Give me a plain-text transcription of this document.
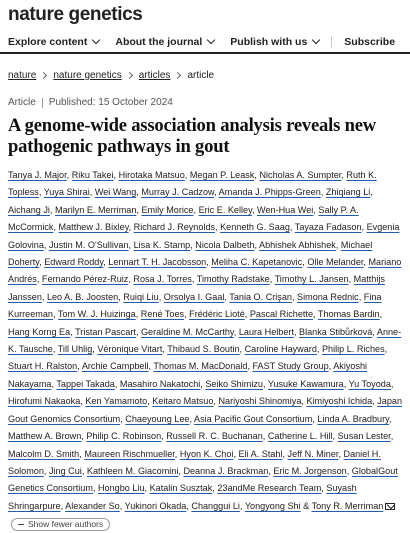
nature genetics
Explore content	About the journal	Publish with us	Subscribe
nature nature genetics articles article
Article Published: 15 October 2024
A genome-wide association analysis reveals new pathogenic pathways in gout
Tanya J. Major, Riku Takei, Hirotaka Matsuo, Megan P. Leask, Nicholas A. Sumpter, Ruth K. Topless, Yuya Shirai, Wei Wang, Murray J. Cadzow, Amanda J. Phipps-Green, Zhiqiang Li, Aichang Ji, Marilyn E. Merriman, Emily Morice, Eric E. Kelley, Wen-Hua Wei, Sally P. A. McCormick, Matthew J. Bixley, Richard J. Reynolds, Kenneth G. Saag, Tayaza Fadason, Evgenia Golovina, Justin M. O'Sullivan, Lisa K. Stamp, Nicola Dalbeth, Abhishek Abhishek, Michael Doherty, Edward Roddy, Lennart T. H. Jacobsson, Meliha C. Kapetanovic, Olle Melander, Mariano Andrés, Fernando Pérez-Ruiz, Rosa J. Torres, Timothy Radstake, Timothy L. Jansen, Matthijs Janssen, Leo A. B. Joosten, Ruiqi Liu, Orsolya I. Gaal, Tania O. Crişan, Simona Rednic, Fina Kurreeman, Tom W. J. Huizinga, René Toes, Frédéric Lioté, Pascal Richette, Thomas Bardin, Hang Korng Ea, Tristan Pascart, Geraldine M. McCarthy, Laura Helbert, Blanka Stibůrková, Anne-K. Tausche, Till Uhlig, Véronique Vitart, Thibaud S. Boutin, Caroline Hayward, Philip L. Riches, Stuart H. Ralston, Archie Campbell, Thomas M. MacDonald, FAST Study Group, Akiyoshi Nakayama, Tappei Takada, Masahiro Nakatochi, Seiko Shimizu, Yusuke Kawamura, Yu Toyoda, Hirofumi Nakaoka, Ken Yamamoto, Keitaro Matsuo, Nariyoshi Shinomiya, Kimiyoshi Ichida, Japan Gout Genomics Consortium, Chaeyoung Lee, Asia Pacific Gout Consortium, Linda A. Bradbury, Matthew A. Brown, Philip C. Robinson, Russell R. C. Buchanan, Catherine L. Hill, Susan Lester, Malcolm D. Smith, Maureen Rischmueller, Hyon K. Choi, Eli A. Stahl, Jeff N. Miner, Daniel H. Solomon, Jing Cui, Kathleen M. Giacomini, Deanna J. Brackman, Eric M. Jorgenson, GlobalGout Genetics Consortium, Hongbo Liu, Katalin Susztak, 23andMe Research Team, Suyash Shringarpure, Alexander So, Yukinori Okada, Changgui Li, Yongyong Shi & Tony R. Merriman
Show fewer authors
